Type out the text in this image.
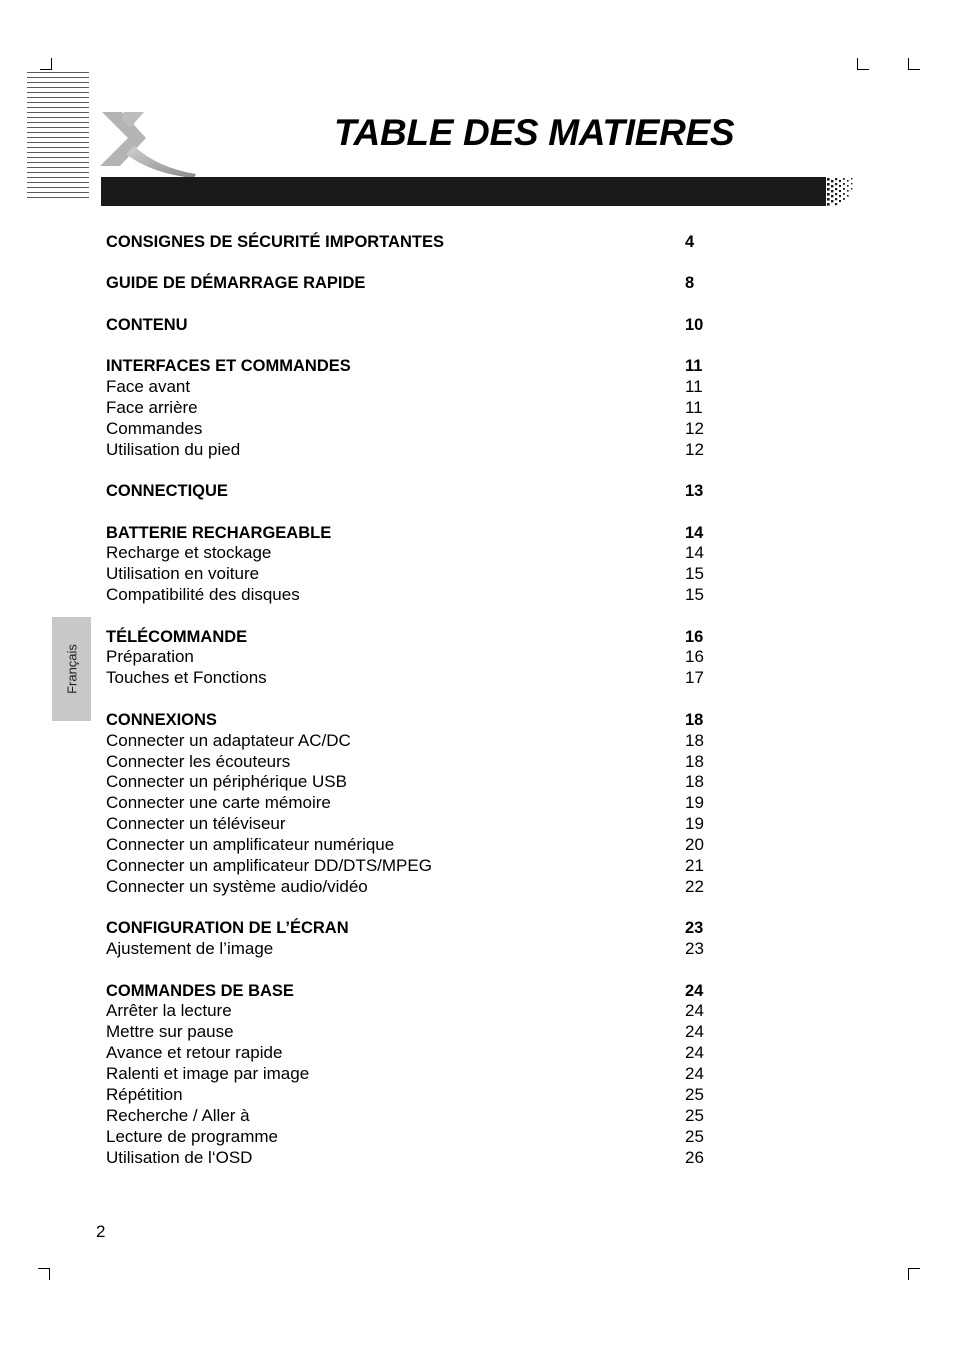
TABLE DES MATIERES
Français
CONSIGNES DE SÉCURITÉ IMPORTANTES	4
GUIDE DE DÉMARRAGE RAPIDE	8
CONTENU	10
INTERFACES ET COMMANDES	11
Face avant	11
Face arrière	11
Commandes	12
Utilisation du pied	12
CONNECTIQUE	13
BATTERIE RECHARGEABLE	14
Recharge et stockage	14
Utilisation en voiture	15
Compatibilité des disques	15
TÉLÉCOMMANDE	16
Préparation	16
Touches et Fonctions	17
CONNEXIONS	18
Connecter un adaptateur AC/DC	18
Connecter les écouteurs	18
Connecter un périphérique USB	18
Connecter une carte mémoire	19
Connecter un téléviseur	19
Connecter un amplificateur numérique	20
Connecter un amplificateur DD/DTS/MPEG	21
Connecter un système audio/vidéo	22
CONFIGURATION DE L’ÉCRAN	23
Ajustement de l’image	23
COMMANDES DE BASE	24
Arrêter la lecture	24
Mettre sur pause	24
Avance et retour rapide	24
Ralenti et image par image	24
Répétition	25
Recherche / Aller à	25
Lecture de programme	25
Utilisation de l‘OSD	26
2
